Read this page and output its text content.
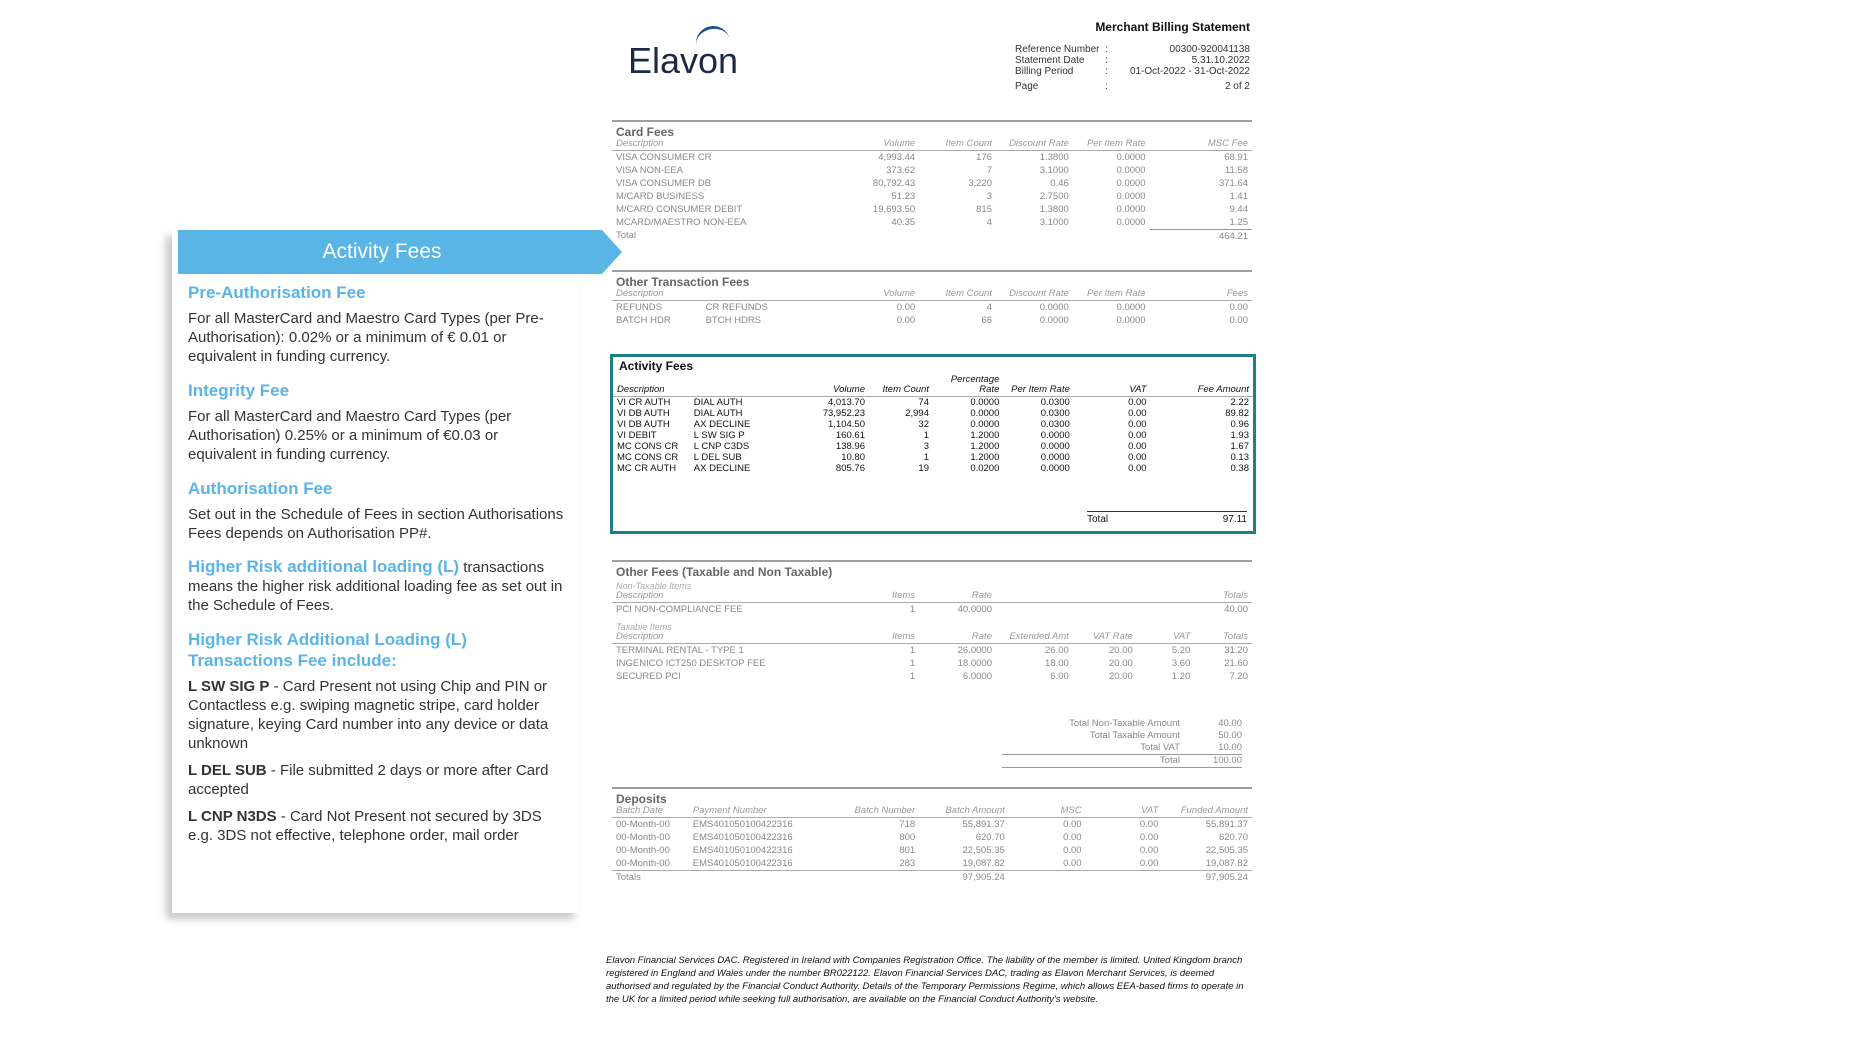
Activity Fees
Pre-Authorisation Fee
For all MasterCard and Maestro Card Types (per Pre-Authorisation): 0.02% or a minimum of € 0.01 or equivalent in funding currency.
Integrity Fee
For all MasterCard and Maestro Card Types (per Authorisation) 0.25% or a minimum of €0.03 or equivalent in funding currency.
Authorisation Fee
Set out in the Schedule of Fees in section Authorisations Fees depends on Authorisation PP#.
Higher Risk additional loading (L) transactions means the higher risk additional loading fee as set out in the Schedule of Fees.
Higher Risk Additional Loading (L) Transactions Fee include:
L SW SIG P - Card Present not using Chip and PIN or Contactless e.g. swiping magnetic stripe, card holder signature, keying Card number into any device or data unknown
L DEL SUB - File submitted 2 days or more after Card accepted
L CNP N3DS - Card Not Present not secured by 3DS e.g. 3DS not effective, telephone order, mail order
Elavon
Merchant Billing Statement
Reference Number :	00300-920041138
Statement Date	:	5.31.10.2022
Billing Period	:	01-Oct-2022 - 31-Oct-2022
Page	:	2 of 2
Card Fees
Description	Volume	Item Count	Discount Rate	Per Item Rate	MSC Fee
VISA CONSUMER CR	4,993.44	176	1.3800	0.0000	68.91
VISA NON-EEA	373.62	7	3.1000	0.0000	11.58
VISA CONSUMER DB	80,792.43	3,220	0.46	0.0000	371.64
M/CARD BUSINESS	51.23	3	2.7500	0.0000	1.41
M/CARD CONSUMER DEBIT	19,693.50	815	1.3800	0.0000	9.44
MCARD/MAESTRO NON-EEA	40.35	4	3.1000	0.0000	1.25
Total					464.21
Other Transaction Fees
Description		Volume	Item Count	Discount Rate	Per Item Rate	Fees
REFUNDS	CR REFUNDS	0.00	4	0.0000	0.0000	0.00
BATCH HDR	BTCH HDRS	0.00	66	0.0000	0.0000	0.00
Activity Fees
Description		Volume	Item Count	Percentage Rate	Per Item Rate	VAT	Fee Amount
VI CR AUTH	DIAL AUTH	4,013.70	74	0.0000	0.0300	0.00	2.22
VI DB AUTH	DIAL AUTH	73,952.23	2,994	0.0000	0.0300	0.00	89.82
VI DB AUTH	AX DECLINE	1,104.50	32	0.0000	0.0300	0.00	0.96
VI DEBIT	L SW SIG P	160.61	1	1.2000	0.0000	0.00	1.93
MC CONS CR	L CNP C3DS	138.96	3	1.2000	0.0000	0.00	1.67
MC CONS CR	L DEL SUB	10.80	1	1.2000	0.0000	0.00	0.13
MC CR AUTH	AX DECLINE	805.76	19	0.0200	0.0000	0.00	0.38
Total	97.11
Other Fees (Taxable and Non Taxable)
Non-Taxable Items
Description	Items	Rate	Totals
PCI NON-COMPLIANCE FEE	1	40.0000	40.00
Taxable Items
Description	Items	Rate	Extended Amt	VAT Rate	VAT	Totals
TERMINAL RENTAL - TYPE 1	1	26.0000	26.00	20.00	5.20	31.20
INGENICO ICT250 DESKTOP FEE	1	18.0000	18.00	20.00	3.60	21.60
SECURED PCI	1	6.0000	6.00	20.00	1.20	7.20
Total Non-Taxable Amount	40.00
Total Taxable Amount	50.00
Total VAT	10.00
Total	100.00
Deposits
Batch Date	Payment Number	Batch Number	Batch Amount	MSC	VAT	Funded Amount
00-Month-00	EMS401050100422316	718	55,891.37	0.00	0.00	55,891.37
00-Month-00	EMS401050100422316	800	620.70	0.00	0.00	620.70
00-Month-00	EMS401050100422316	801	22,505.35	0.00	0.00	22,505.35
00-Month-00	EMS401050100422316	283	19,087.82	0.00	0.00	19,087.82
Totals			97,905.24			97,905.24
Elavon Financial Services DAC. Registered in Ireland with Companies Registration Office. The liability of the member is limited. United Kingdom branch registered in England and Wales under the number BR022122. Elavon Financial Services DAC, trading as Elavon Merchant Services, is deemed authorised and regulated by the Financial Conduct Authority. Details of the Temporary Permissions Regime, which allows EEA-based firms to operate in the UK for a limited period while seeking full authorisation, are available on the Financial Conduct Authority's website.
